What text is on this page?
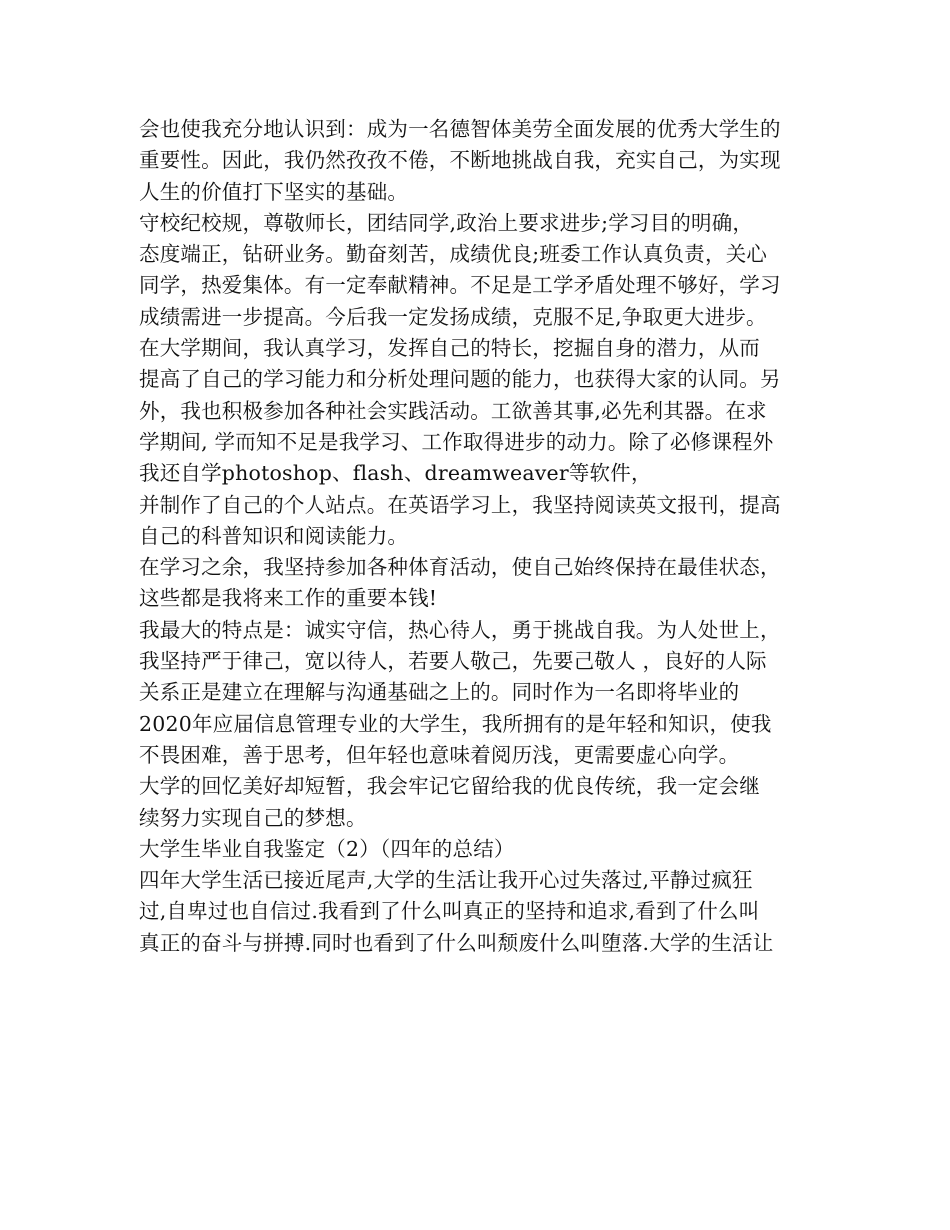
会也使我充分地认识到：成为一名德智体美劳全面发展的优秀大学生的
重要性。因此，我仍然孜孜不倦，不断地挑战自我，充实自己，为实现
人生的价值打下坚实的基础。
守校纪校规，尊敬师长，团结同学,政治上要求进步;学习目的明确，
态度端正，钻研业务。勤奋刻苦，成绩优良;班委工作认真负责，关心
同学，热爱集体。有一定奉献精神。不足是工学矛盾处理不够好，学习
成绩需进一步提高。今后我一定发扬成绩，克服不足,争取更大进步。
在大学期间，我认真学习，发挥自己的特长，挖掘自身的潜力，从而
提高了自己的学习能力和分析处理问题的能力，也获得大家的认同。另
外，我也积极参加各种社会实践活动。工欲善其事,必先利其器。在求
学期间, 学而知不足是我学习、工作取得进步的动力。除了必修课程外
我还自学photoshop、flash、dreamweaver等软件，
并制作了自己的个人站点。在英语学习上，我坚持阅读英文报刊，提高
自己的科普知识和阅读能力。
在学习之余，我坚持参加各种体育活动，使自己始终保持在最佳状态，
这些都是我将来工作的重要本钱!
我最大的特点是：诚实守信，热心待人，勇于挑战自我。为人处世上，
我坚持严于律己，宽以待人，若要人敬己，先要己敬人 ，良好的人际
关系正是建立在理解与沟通基础之上的。同时作为一名即将毕业的
2020年应届信息管理专业的大学生，我所拥有的是年轻和知识，使我
不畏困难，善于思考，但年轻也意味着阅历浅，更需要虚心向学。
大学的回忆美好却短暂，我会牢记它留给我的优良传统，我一定会继
续努力实现自己的梦想。
大学生毕业自我鉴定（2）（四年的总结）
四年大学生活已接近尾声,大学的生活让我开心过失落过,平静过疯狂
过,自卑过也自信过.我看到了什么叫真正的坚持和追求,看到了什么叫
真正的奋斗与拼搏.同时也看到了什么叫颓废什么叫堕落.大学的生活让
